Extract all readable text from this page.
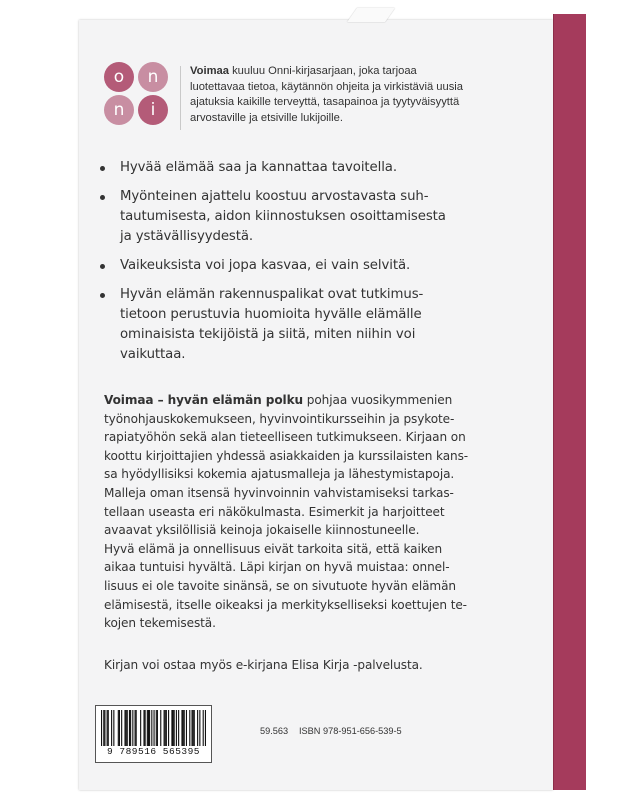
o	n
n	i
Voimaa kuuluu Onni-kirjasarjaan, joka tarjoaa
luotettavaa tietoa, käytännön ohjeita ja virkistäviä uusia
ajatuksia kaikille terveyttä, tasapainoa ja tyytyväisyyttä
arvostaville ja etsiville lukijoille.
Hyvää elämää saa ja kannattaa tavoitella.
Myönteinen ajattelu koostuu arvostavasta suh-
tautumisesta, aidon kiinnostuksen osoittamisesta
ja ystävällisyydestä.
Vaikeuksista voi jopa kasvaa, ei vain selvitä.
Hyvän elämän rakennuspalikat ovat tutkimus-
tietoon perustuvia huomioita hyvälle elämälle
ominaisista tekijöistä ja siitä, miten niihin voi
vaikuttaa.
Voimaa – hyvän elämän polku pohjaa vuosikymmenien
työnohjauskokemukseen, hyvinvointikursseihin ja psykote-
rapiatyöhön sekä alan tieteelliseen tutkimukseen. Kirjaan on
koottu kirjoittajien yhdessä asiakkaiden ja kurssilaisten kans-
sa hyödyllisiksi kokemia ajatusmalleja ja lähestymistapoja.
Malleja oman itsensä hyvinvoinnin vahvistamiseksi tarkas-
tellaan useasta eri näkökulmasta. Esimerkit ja harjoitteet
avaavat yksilöllisiä keinoja jokaiselle kiinnostuneelle.
Hyvä elämä ja onnellisuus eivät tarkoita sitä, että kaiken
aikaa tuntuisi hyvältä. Läpi kirjan on hyvä muistaa: onnel-
lisuus ei ole tavoite sinänsä, se on sivutuote hyvän elämän
elämisestä, itselle oikeaksi ja merkitykselliseksi koettujen te-
kojen tekemisestä.
Kirjan voi ostaa myös e-kirjana Elisa Kirja -palvelusta.
9 789516 565395
59.563 ISBN 978-951-656-539-5
